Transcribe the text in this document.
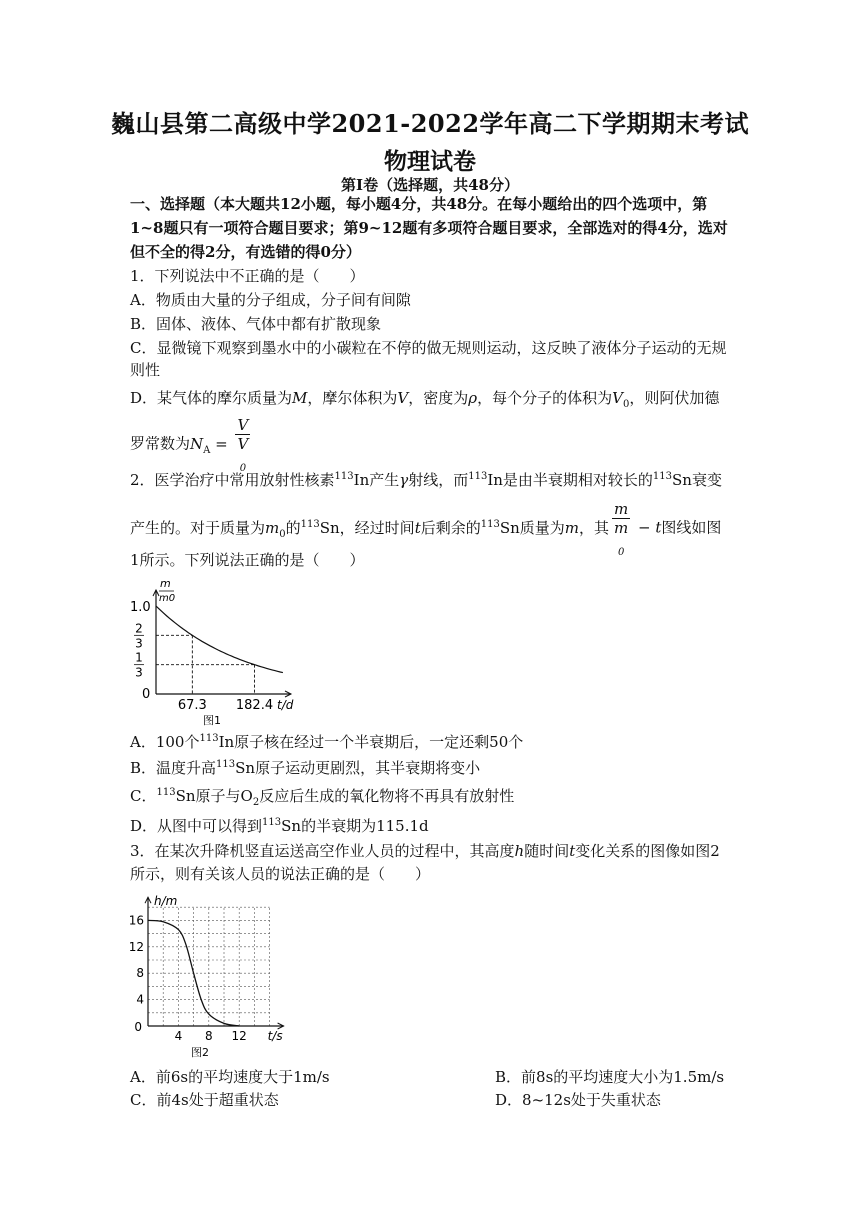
巍山县第二高级中学2021-2022学年高二下学期期末考试
物理试卷
第Ⅰ卷（选择题，共48分）
一、选择题（本大题共12小题，每小题4分，共48分。在每小题给出的四个选项中，第
1~8题只有一项符合题目要求；第9~12题有多项符合题目要求，全部选对的得4分，选对
但不全的得2分，有选错的得0分）
1．下列说法中不正确的是（　　）
A．物质由大量的分子组成，分子间有间隙
B．固体、液体、气体中都有扩散现象
C．显微镜下观察到墨水中的小碳粒在不停的做无规则运动，这反映了液体分子运动的无规
则性
D．某气体的摩尔质量为M，摩尔体积为V，密度为ρ，每个分子的体积为$V_0$，则阿伏加德
罗常数为$N_A = V$
V
$_0$
2．医学治疗中常用放射性核素$^{113}$In产生γ射线，而$^{113}$In是由半衰期相对较长的$^{113}$Sn衰变
产生的。对于质量为$m_0$的$^{113}$Sn，经过时间t后剩余的$^{113}$Sn质量为m，其 m
m
$_0$ − t图线如图
1所示。下列说法正确的是（　　）
m
m0
1.0
2
3
1
3
0
67.3 182.4 t/d
图1
A．100个$^{113}$In原子核在经过一个半衰期后，一定还剩50个
B．温度升高$^{113}$Sn原子运动更剧烈，其半衰期将变小
C．$^{113}$Sn原子与$O_2$反应后生成的氧化物将不再具有放射性
D．从图中可以得到$^{113}$Sn的半衰期为115.1d
3．在某次升降机竖直运送高空作业人员的过程中，其高度h随时间t变化关系的图像如图2
所示，则有关该人员的说法正确的是（　　）
h/m
4
8
12
16
0
4 8 12 t/s
图2
A．前6s的平均速度大于1m/s	B．前8s的平均速度大小为1.5m/s
C．前4s处于超重状态	D．8~12s处于失重状态
